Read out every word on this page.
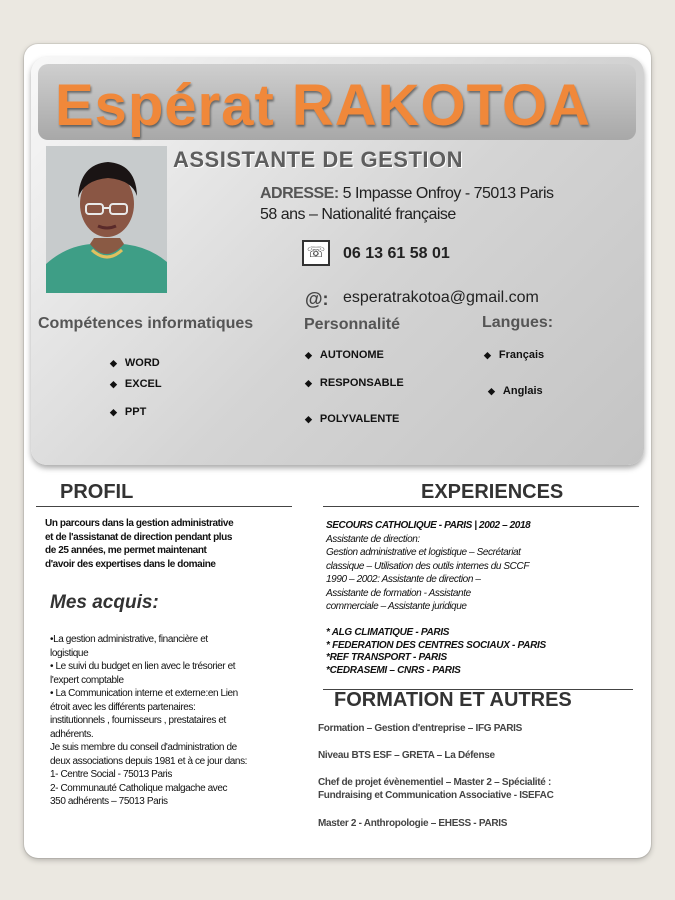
Espérat RAKOTOA
ASSISTANTE DE GESTION
ADRESSE: 5 Impasse Onfroy - 75013 Paris
58 ans – Nationalité française
☏ 06 13 61 58 01
@: esperatrakotoa@gmail.com
Compétences informatiques
◆ WORD
◆ EXCEL
◆ PPT
Personnalité
◆ AUTONOME
◆ RESPONSABLE
◆ POLYVALENTE
Langues:
◆ Français
◆ Anglais
PROFIL
Un parcours dans la gestion administrative
et de l'assistanat de direction pendant plus
de 25 années, me permet maintenant
d'avoir des expertises dans le domaine
Mes acquis:
•La gestion administrative, financière et
logistique
• Le suivi du budget en lien avec le trésorier et
l'expert comptable
• La Communication interne et externe:en Lien
étroit avec les différents partenaires:
institutionnels , fournisseurs , prestataires et
adhérents.
Je suis membre du conseil d'administration de
deux associations depuis 1981 et à ce jour dans:
1- Centre Social - 75013 Paris
2- Communauté Catholique malgache avec
350 adhérents – 75013 Paris
EXPERIENCES
SECOURS CATHOLIQUE - PARIS | 2002 – 2018
Assistante de direction:
Gestion administrative et logistique – Secrétariat
classique – Utilisation des outils internes du SCCF
1990 – 2002: Assistante de direction –
Assistante de formation - Assistante
commerciale – Assistante juridique
* ALG CLIMATIQUE - PARIS
* FEDERATION DES CENTRES SOCIAUX - PARIS
*REF TRANSPORT - PARIS
*CEDRASEMI – CNRS - PARIS
FORMATION ET AUTRES
Formation – Gestion d'entreprise – IFG PARIS
Niveau BTS ESF – GRETA – La Défense
Chef de projet évènementiel – Master 2 – Spécialité :
Fundraising et Communication Associative - ISEFAC
Master 2 - Anthropologie – EHESS - PARIS
